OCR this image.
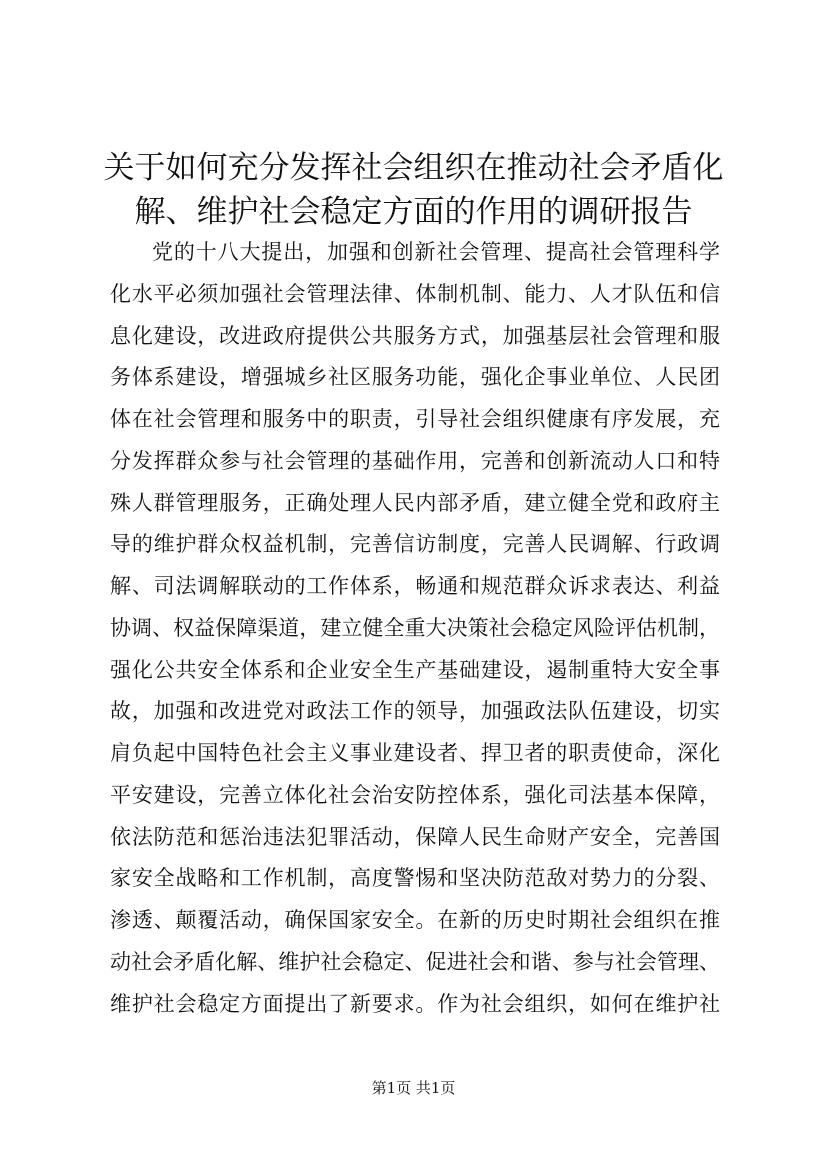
关于如何充分发挥社会组织在推动社会矛盾化
解、维护社会稳定方面的作用的调研报告
党的十八大提出，加强和创新社会管理、提高社会管理科学
化水平必须加强社会管理法律、体制机制、能力、人才队伍和信
息化建设，改进政府提供公共服务方式，加强基层社会管理和服
务体系建设，增强城乡社区服务功能，强化企事业单位、人民团
体在社会管理和服务中的职责，引导社会组织健康有序发展，充
分发挥群众参与社会管理的基础作用，完善和创新流动人口和特
殊人群管理服务，正确处理人民内部矛盾，建立健全党和政府主
导的维护群众权益机制，完善信访制度，完善人民调解、行政调
解、司法调解联动的工作体系，畅通和规范群众诉求表达、利益
协调、权益保障渠道，建立健全重大决策社会稳定风险评估机制，
强化公共安全体系和企业安全生产基础建设，遏制重特大安全事
故，加强和改进党对政法工作的领导，加强政法队伍建设，切实
肩负起中国特色社会主义事业建设者、捍卫者的职责使命，深化
平安建设，完善立体化社会治安防控体系，强化司法基本保障，
依法防范和惩治违法犯罪活动，保障人民生命财产安全，完善国
家安全战略和工作机制，高度警惕和坚决防范敌对势力的分裂、
渗透、颠覆活动，确保国家安全。在新的历史时期社会组织在推
动社会矛盾化解、维护社会稳定、促进社会和谐、参与社会管理、
维护社会稳定方面提出了新要求。作为社会组织，如何在维护社
第1页 共1页
